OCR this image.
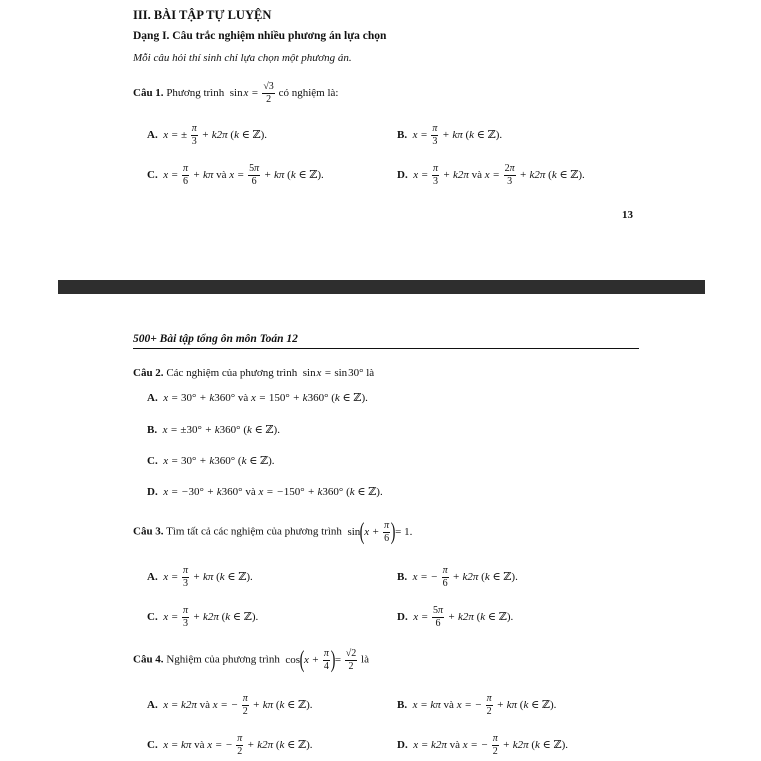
III. BÀI TẬP TỰ LUYỆN
Dạng I. Câu trắc nghiệm nhiều phương án lựa chọn
Mỗi câu hỏi thí sinh chỉ lựa chọn một phương án.
Câu 1. Phương trình sin $x = \frac{√3}{2}$ có nghiệm là:
A.  x = ± $\frac{\pi}{3} + k2\pi$ (k ∈ ℤ).	B.  $x = \frac{\pi}{3} + k\pi$ (k ∈ ℤ).
C.  $x = \frac{\pi}{6} + k\pi$ và $x = \frac{5\pi}{6} + k\pi$ (k ∈ ℤ).	D.  $x = \frac{\pi}{3} + k2\pi$ và $x = \frac{2\pi}{3} + k2\pi$ (k ∈ ℤ).
13
500+ Bài tập tổng ôn môn Toán 12
Câu 2. Các nghiệm của phương trình sin x = sin 30° là
A.  x = 30° + k360° và x = 150° + k360° (k ∈ ℤ).
B.  x = ±30° + k360° (k ∈ ℤ).
C.  x = 30° + k360° (k ∈ ℤ).
D.  x = −30° + k360° và x = −150° + k360° (k ∈ ℤ).
Câu 3. Tìm tất cả các nghiệm của phương trình $\sin(x + \frac{\pi}{6}$ )= 1.
A.  $x = \frac{\pi}{3} + k\pi$ (k ∈ ℤ).	B.  x = − $\frac{\pi}{6} + k2\pi$ (k ∈ ℤ).
C.  $x = \frac{\pi}{3} + k2\pi$ (k ∈ ℤ).	D.  $x = \frac{5\pi}{6} + k2\pi$ (k ∈ ℤ).
Câu 4. Nghiệm của phương trình $\cos(x + \frac{\pi}{4}$ )= $\frac{√2}{2}$ là
A.  x = k2π và x = − $\frac{\pi}{2} + k\pi$ (k ∈ ℤ).	B.  x = kπ và x = − $\frac{\pi}{2} + k\pi$ (k ∈ ℤ).
C.  x = kπ và x = − $\frac{\pi}{2} + k2\pi$ (k ∈ ℤ).	D.  x = k2π và x = − $\frac{\pi}{2} + k2\pi$ (k ∈ ℤ).
